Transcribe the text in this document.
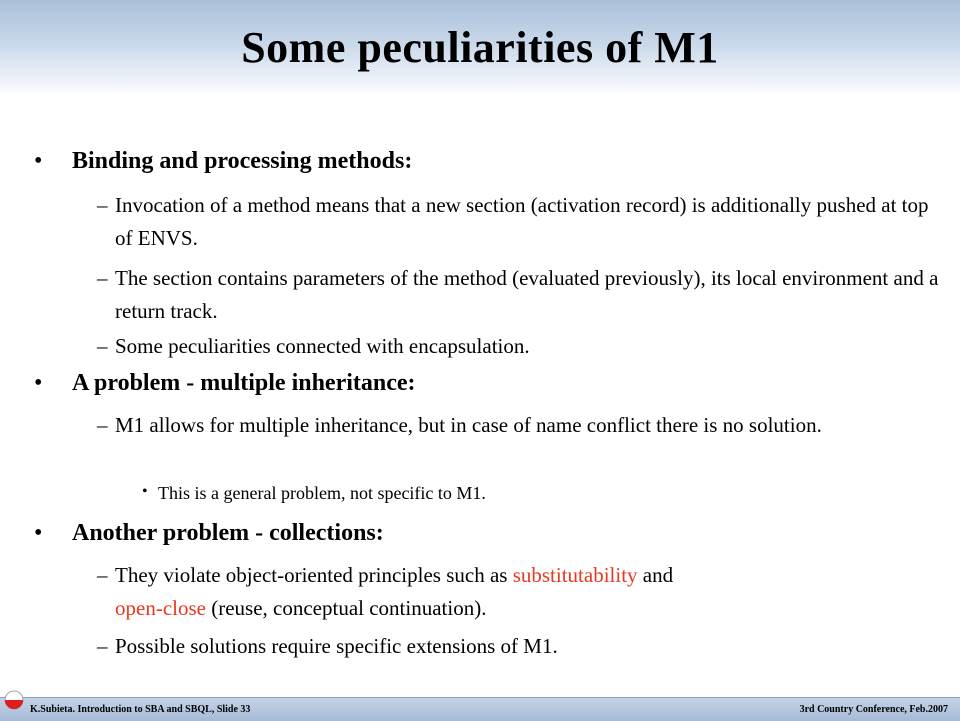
Some peculiarities of M1
• Binding and processing methods:
– Invocation of a method means that a new section (activation record) is additionally pushed at top of ENVS.
– The section contains parameters of the method (evaluated previously), its local environment and a return track.
– Some peculiarities connected with encapsulation.
• A problem - multiple inheritance:
– M1 allows for multiple inheritance, but in case of name conflict there is no solution.
• This is a general problem, not specific to M1.
• Another problem - collections:
– They violate object-oriented principles such as substitutability and
open-close (reuse, conceptual continuation).
– Possible solutions require specific extensions of M1.
K.Subieta. Introduction to SBA and SBQL, Slide 33	3rd Country Conference, Feb.2007
